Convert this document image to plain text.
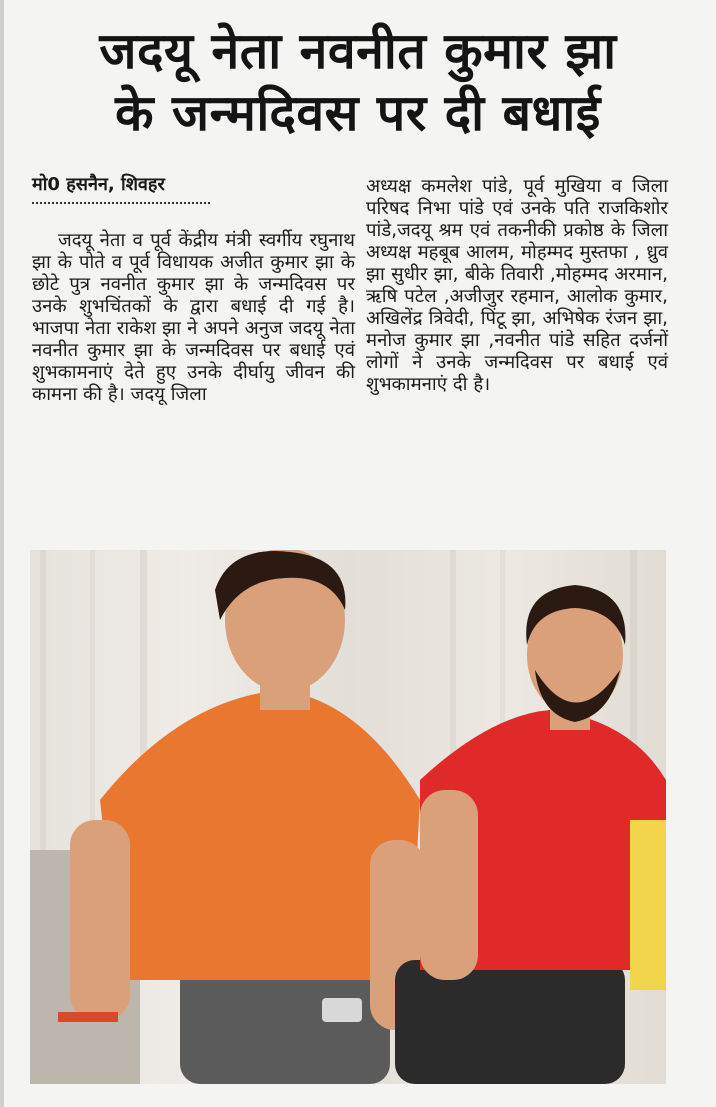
जदयू नेता नवनीत कुमार झा
के जन्मदिवस पर दी बधाई
मो0 हसनैन, शिवहर
जदयू नेता व पूर्व केंद्रीय मंत्री स्वर्गीय रघुनाथ झा के पोते व पूर्व विधायक अजीत कुमार झा के छोटे पुत्र नवनीत कुमार झा के जन्मदिवस पर उनके शुभचिंतकों के द्वारा बधाई दी गई है। भाजपा नेता राकेश झा ने अपने अनुज जदयू नेता नवनीत कुमार झा के जन्मदिवस पर बधाई एवं शुभकामनाएं देते हुए उनके दीर्घायु जीवन की कामना की है। जदयू जिला
अध्यक्ष कमलेश पांडे, पूर्व मुखिया व जिला परिषद निभा पांडे एवं उनके पति राजकिशोर पांडे,जदयू श्रम एवं तकनीकी प्रकोष्ठ के जिला अध्यक्ष महबूब आलम, मोहम्मद मुस्तफा , ध्रुव झा सुधीर झा, बीके तिवारी ,मोहम्मद अरमान, ऋषि पटेल ,अजीजुर रहमान, आलोक कुमार, अखिलेंद्र त्रिवेदी, पिंटू झा, अभिषेक रंजन झा, मनोज कुमार झा ,नवनीत पांडे सहित दर्जनों लोगों ने उनके जन्मदिवस पर बधाई एवं शुभकामनाएं दी है।
